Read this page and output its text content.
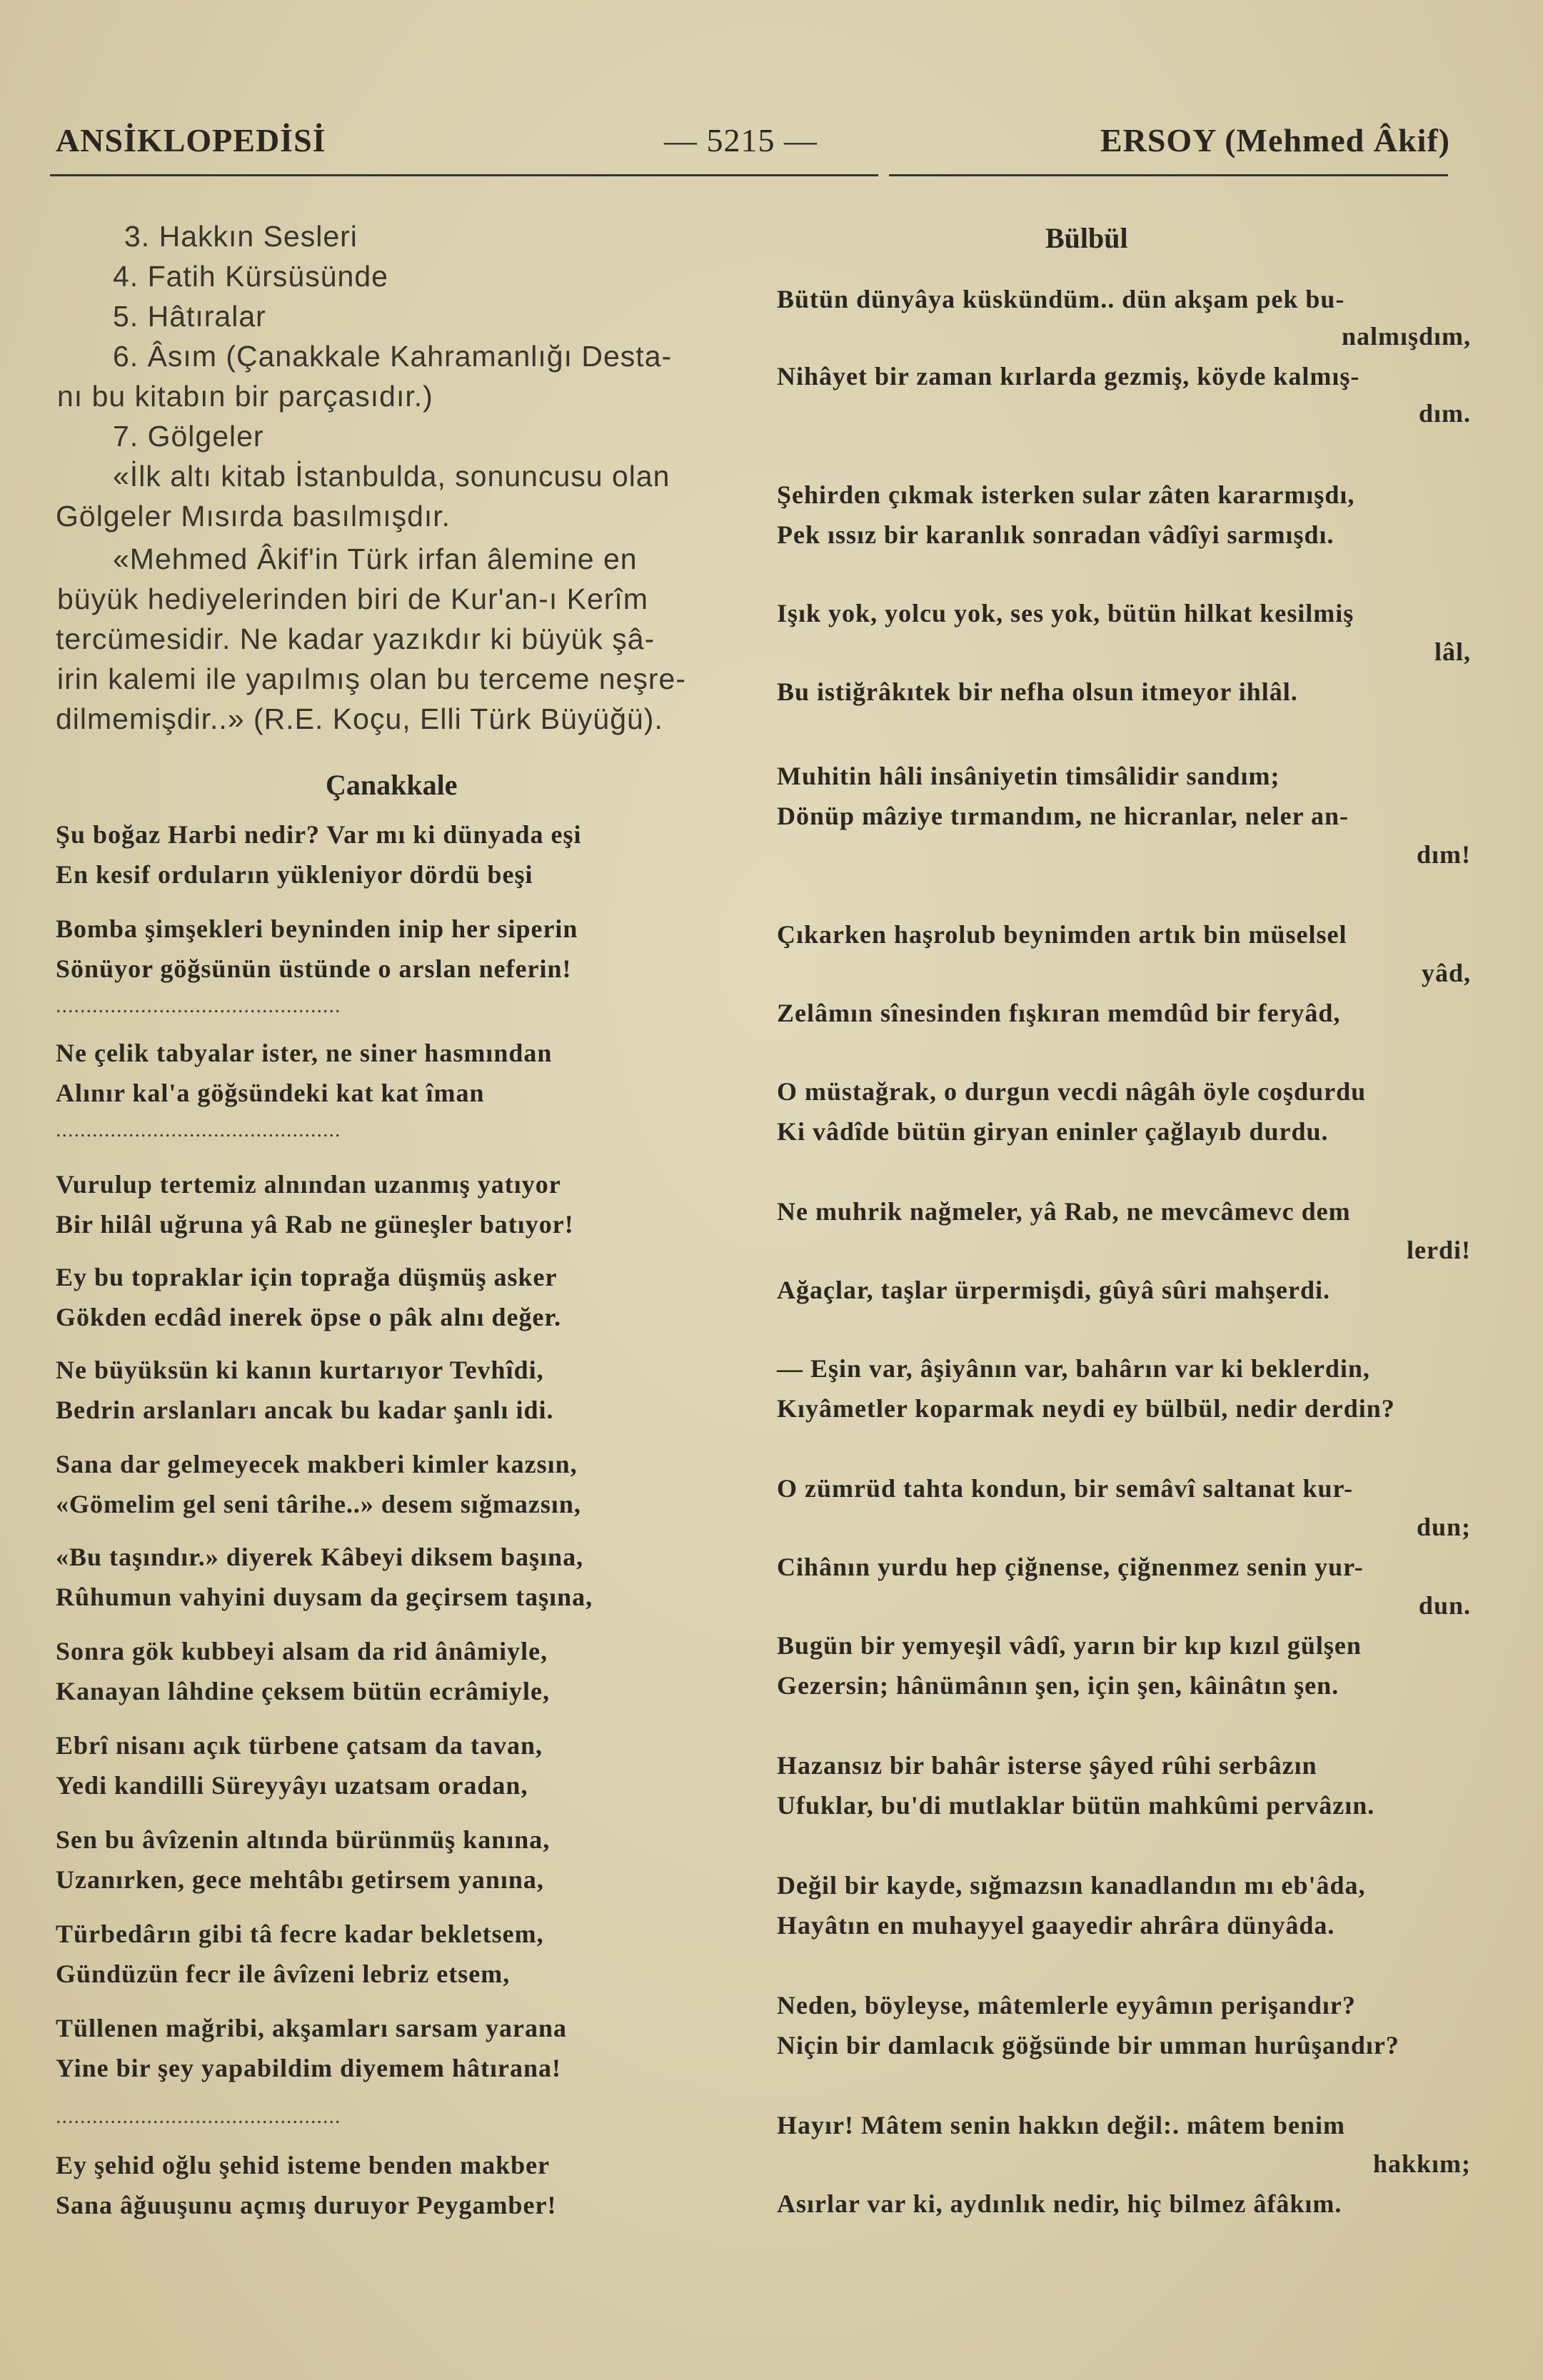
ANSİKLOPEDİSİ	— 5215 —	ERSOY (Mehmed Âkif)
3. Hakkın Sesleri
4. Fatih Kürsüsünde
5. Hâtıralar
6. Âsım (Çanakkale Kahramanlığı Desta-
nı bu kitabın bir parçasıdır.)
7. Gölgeler
«İlk altı kitab İstanbulda, sonuncusu olan
Gölgeler Mısırda basılmışdır.
«Mehmed Âkif'in Türk irfan âlemine en
büyük hediyelerinden biri de Kur'an-ı Kerîm
tercümesidir. Ne kadar yazıkdır ki büyük şâ-
irin kalemi ile yapılmış olan bu terceme neşre-
dilmemişdir..» (R.E. Koçu, Elli Türk Büyüğü).
Çanakkale
Şu boğaz Harbi nedir? Var mı ki dünyada eşi
En kesif orduların yükleniyor dördü beşi
Bomba şimşekleri beyninden inip her siperin
Sönüyor göğsünün üstünde o arslan neferin!
...............................................
Ne çelik tabyalar ister, ne siner hasmından
Alınır kal'a göğsündeki kat kat îman
...............................................
Vurulup tertemiz alnından uzanmış yatıyor
Bir hilâl uğruna yâ Rab ne güneşler batıyor!
Ey bu topraklar için toprağa düşmüş asker
Gökden ecdâd inerek öpse o pâk alnı değer.
Ne büyüksün ki kanın kurtarıyor Tevhîdi,
Bedrin arslanları ancak bu kadar şanlı idi.
Sana dar gelmeyecek makberi kimler kazsın,
«Gömelim gel seni târihe..» desem sığmazsın,
«Bu taşındır.» diyerek Kâbeyi diksem başına,
Rûhumun vahyini duysam da geçirsem taşına,
Sonra gök kubbeyi alsam da rid ânâmiyle,
Kanayan lâhdine çeksem bütün ecrâmiyle,
Ebrî nisanı açık türbene çatsam da tavan,
Yedi kandilli Süreyyâyı uzatsam oradan,
Sen bu âvîzenin altında bürünmüş kanına,
Uzanırken, gece mehtâbı getirsem yanına,
Türbedârın gibi tâ fecre kadar bekletsem,
Gündüzün fecr ile âvîzeni lebriz etsem,
Tüllenen mağribi, akşamları sarsam yarana
Yine bir şey yapabildim diyemem hâtırana!
...............................................
Ey şehid oğlu şehid isteme benden makber
Sana âğuuşunu açmış duruyor Peygamber!
Bülbül
Bütün dünyâya küskündüm.. dün akşam pek bu-
nalmışdım,
Nihâyet bir zaman kırlarda gezmiş, köyde kalmış-
dım.
Şehirden çıkmak isterken sular zâten kararmışdı,
Pek ıssız bir karanlık sonradan vâdîyi sarmışdı.
Işık yok, yolcu yok, ses yok, bütün hilkat kesilmiş
lâl,
Bu istiğrâkıtek bir nefha olsun itmeyor ihlâl.
Muhitin hâli insâniyetin timsâlidir sandım;
Dönüp mâziye tırmandım, ne hicranlar, neler an-
dım!
Çıkarken haşrolub beynimden artık bin müselsel
yâd,
Zelâmın sînesinden fışkıran memdûd bir feryâd,
O müstağrak, o durgun vecdi nâgâh öyle coşdurdu
Ki vâdîde bütün giryan eninler çağlayıb durdu.
Ne muhrik nağmeler, yâ Rab, ne mevcâmevc dem
lerdi!
Ağaçlar, taşlar ürpermişdi, gûyâ sûri mahşerdi.
— Eşin var, âşiyânın var, bahârın var ki beklerdin,
Kıyâmetler koparmak neydi ey bülbül, nedir derdin?
O zümrüd tahta kondun, bir semâvî saltanat kur-
dun;
Cihânın yurdu hep çiğnense, çiğnenmez senin yur-
dun.
Bugün bir yemyeşil vâdî, yarın bir kıp kızıl gülşen
Gezersin; hânümânın şen, için şen, kâinâtın şen.
Hazansız bir bahâr isterse şâyed rûhi serbâzın
Ufuklar, bu'di mutlaklar bütün mahkûmi pervâzın.
Değil bir kayde, sığmazsın kanadlandın mı eb'âda,
Hayâtın en muhayyel gaayedir ahrâra dünyâda.
Neden, böyleyse, mâtemlerle eyyâmın perişandır?
Niçin bir damlacık göğsünde bir umman hurûşandır?
Hayır! Mâtem senin hakkın değil:. mâtem benim
hakkım;
Asırlar var ki, aydınlık nedir, hiç bilmez âfâkım.
